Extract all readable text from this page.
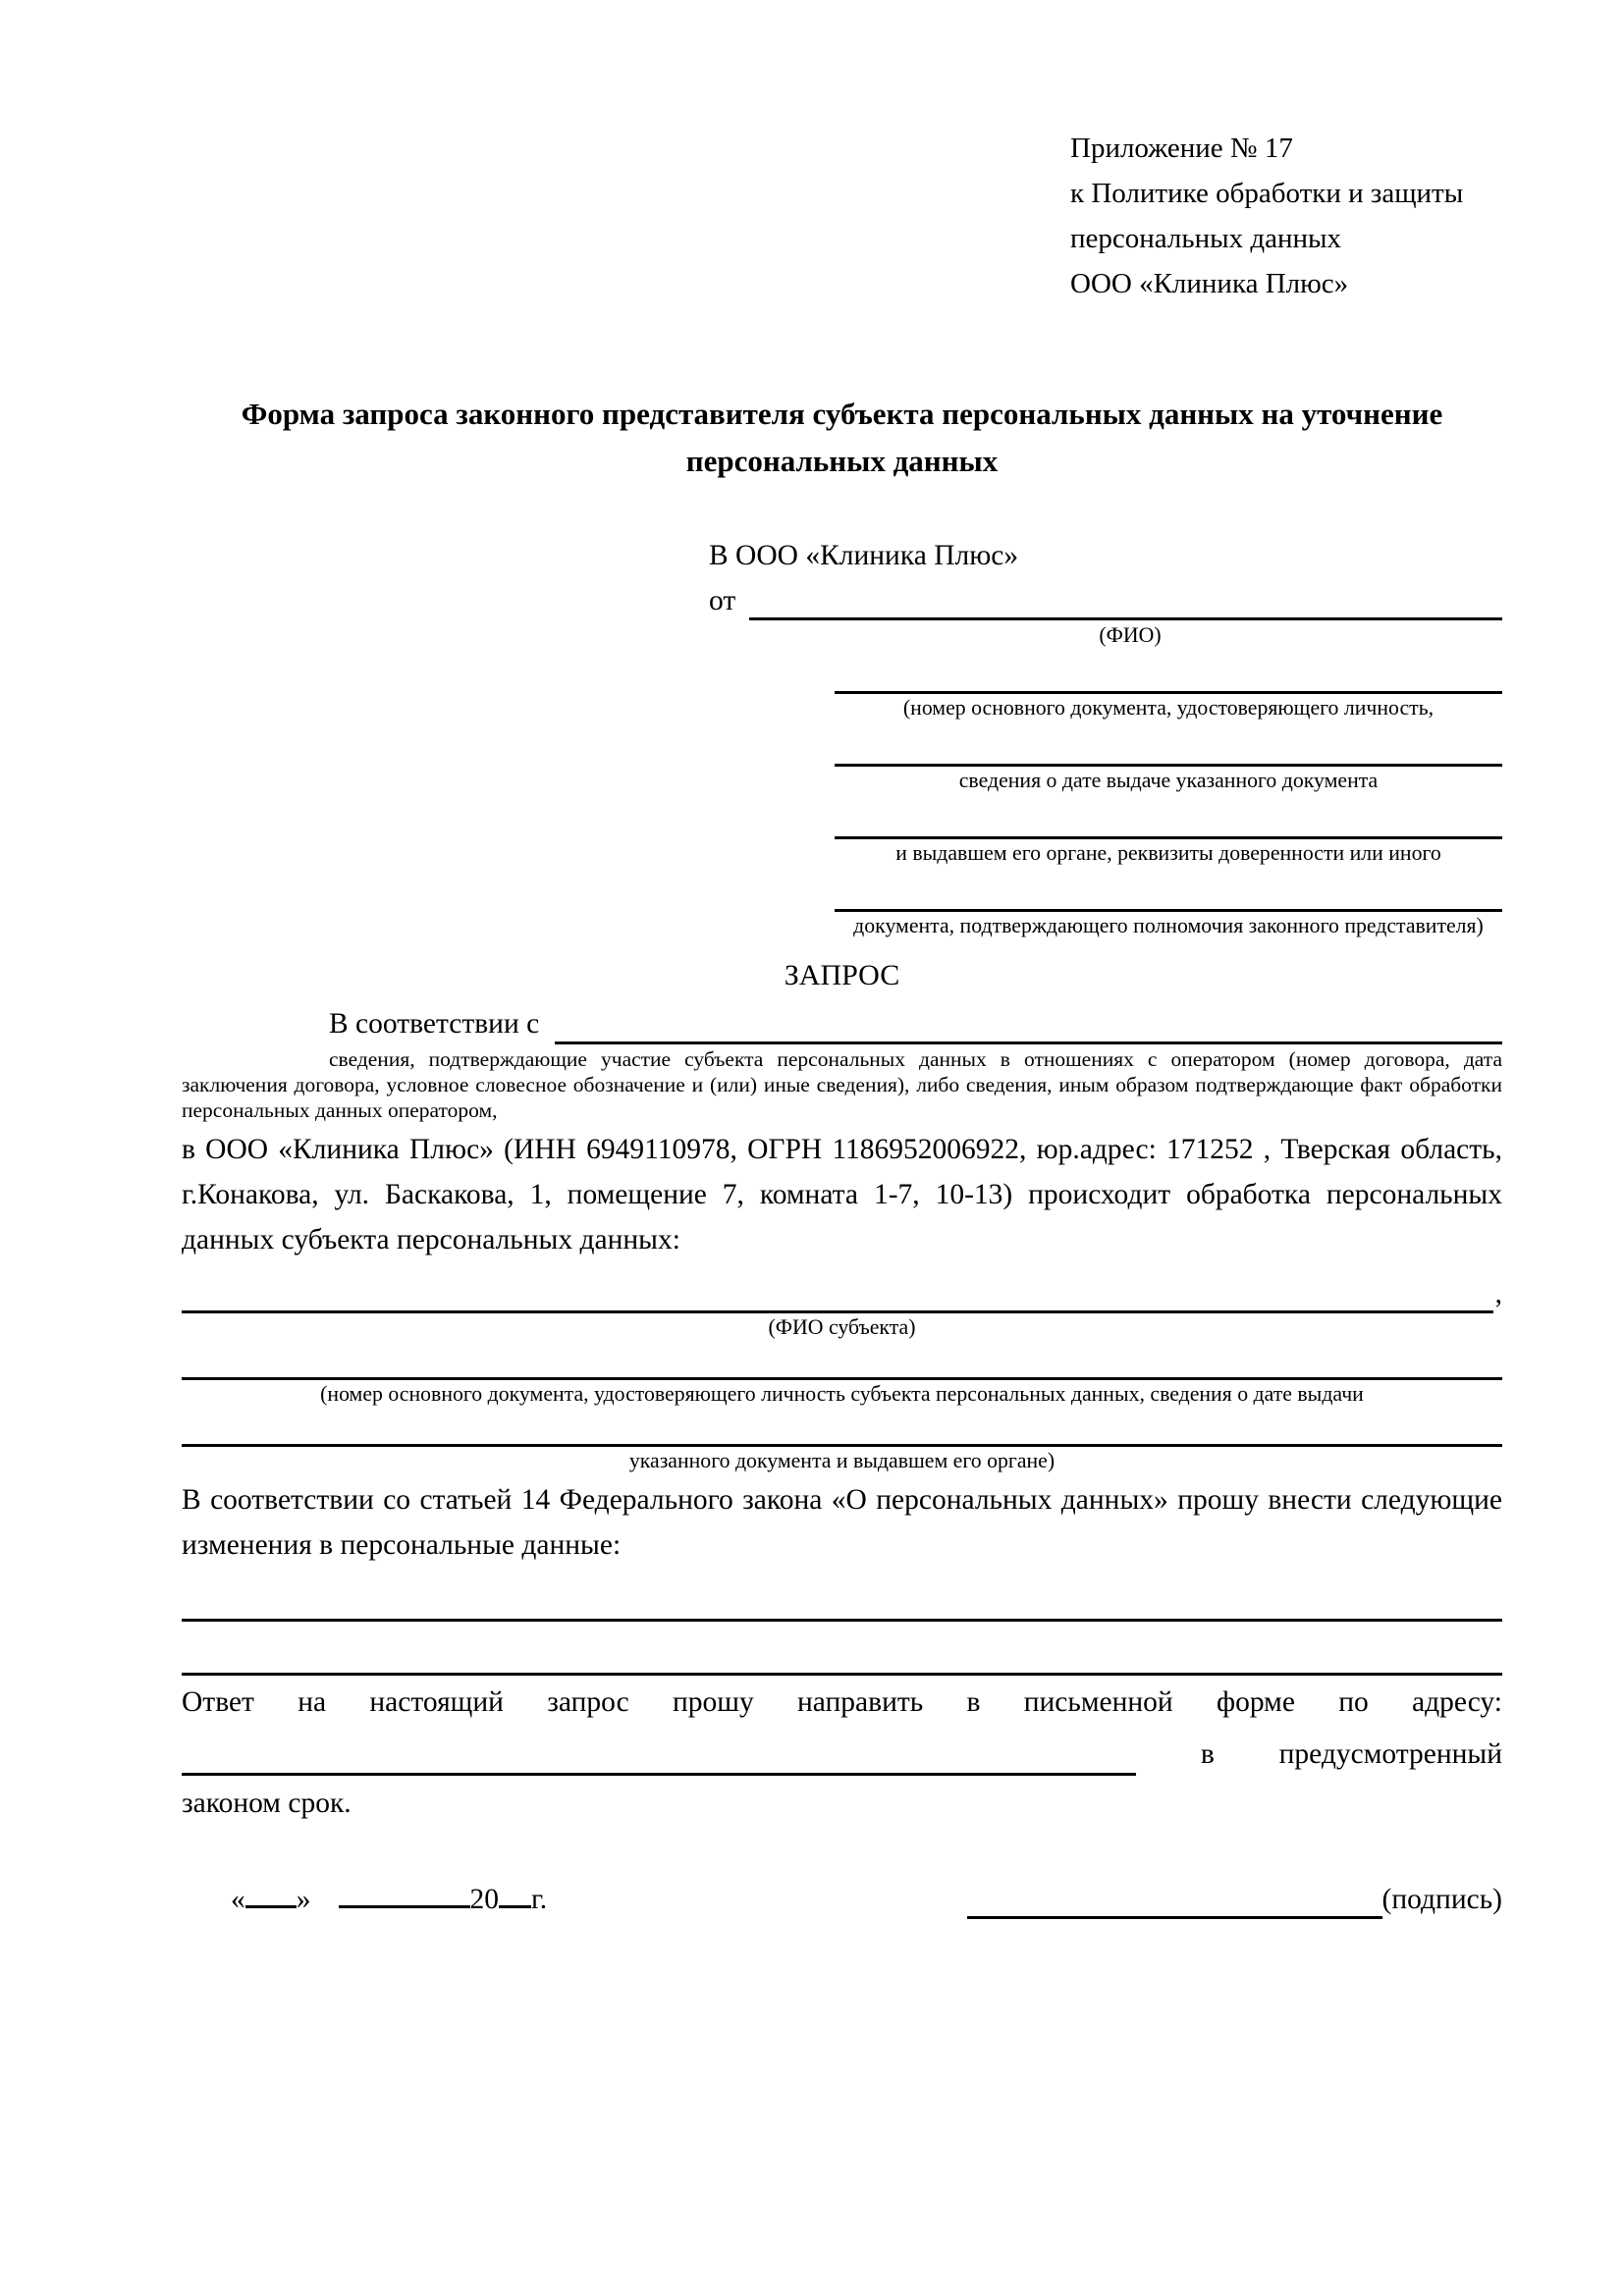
Приложение № 17
к Политике обработки и защиты
персональных данных
ООО «Клиника Плюс»
Форма запроса законного представителя субъекта персональных данных на уточнение персональных данных
В ООО «Клиника Плюс»
от
(ФИО)
(номер основного документа, удостоверяющего личность,
сведения о дате выдаче указанного документа
и выдавшем его органе, реквизиты доверенности или иного
документа, подтверждающего полномочия законного представителя)
ЗАПРОС
В соответствии с

сведения, подтверждающие участие субъекта персональных данных в отношениях с оператором (номер договора, дата заключения договора, условное словесное обозначение и (или) иные сведения), либо сведения, иным образом подтверждающие факт обработки персональных данных оператором,

в ООО «Клиника Плюс» (ИНН 6949110978, ОГРН 1186952006922, юр.адрес: 171252 , Тверская область, г.Конакова, ул. Баскакова, 1, помещение 7, комната 1-7, 10-13) происходит обработка персональных данных субъекта персональных данных:

,
(ФИО субъекта)
(номер основного документа, удостоверяющего личность субъекта персональных данных, сведения о дате выдачи
указанного документа и выдавшем его органе)

В соответствии со статьей 14 Федерального закона «О персональных данных» прошу внести следующие изменения в персональные данные:

Ответ на настоящий запрос прошу направить в письменной форме по адресу:

в предусмотренный

законом срок.

« »	20 г.	(подпись)
